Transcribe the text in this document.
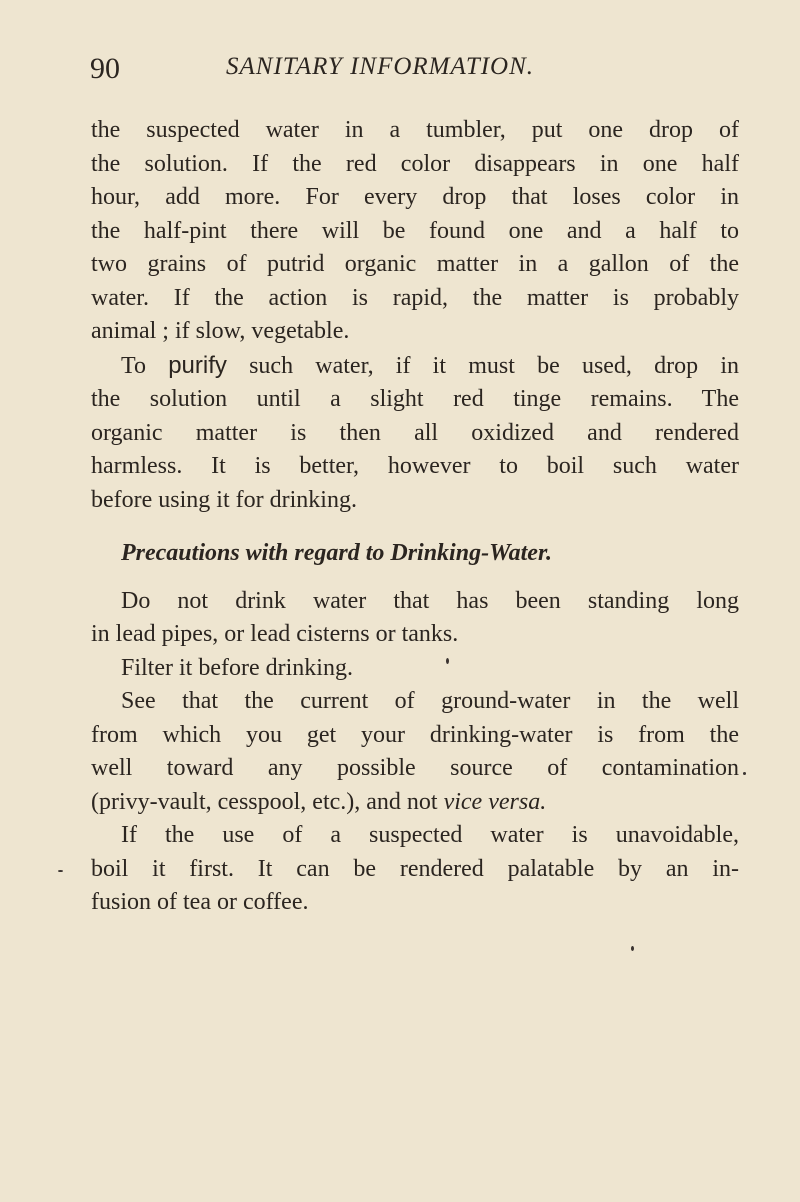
90	SANITARY INFORMATION.
the suspected water in a tumbler, put one drop of
the solution. If the red color disappears in one half
hour, add more. For every drop that loses color in
the half-pint there will be found one and a half to
two grains of putrid organic matter in a gallon of the
water. If the action is rapid, the matter is probably
animal ; if slow, vegetable.
To purify such water, if it must be used, drop in
the solution until a slight red tinge remains. The
organic matter is then all oxidized and rendered
harmless. It is better, however to boil such water
before using it for drinking.
Precautions with regard to Drinking-Water.
Do not drink water that has been standing long
in lead pipes, or lead cisterns or tanks.
Filter it before drinking.
See that the current of ground-water in the well
from which you get your drinking-water is from the
well toward any possible source of contamination
(privy-vault, cesspool, etc.), and not vice versa.
If the use of a suspected water is unavoidable,
boil it first. It can be rendered palatable by an in-
fusion of tea or coffee.
